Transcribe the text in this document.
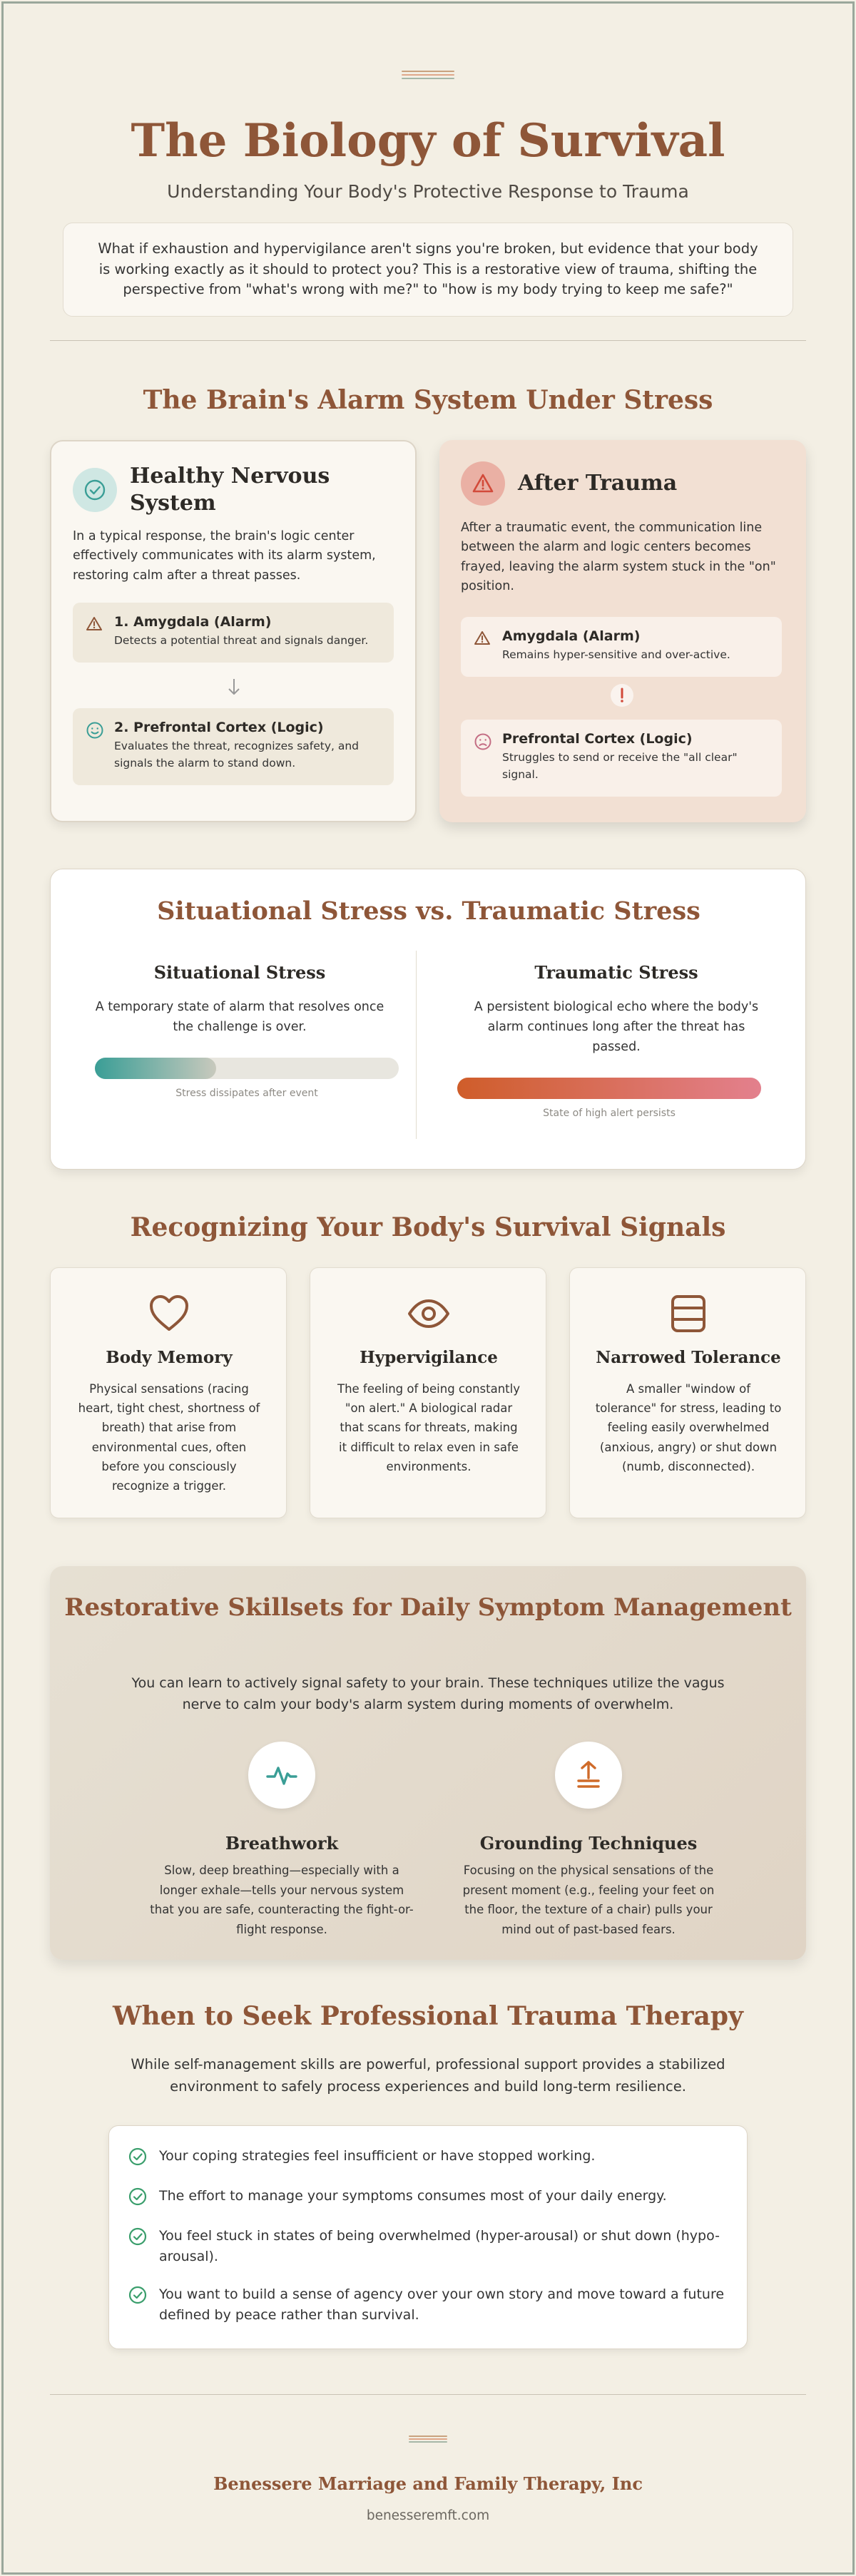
The Biology of Survival
Understanding Your Body's Protective Response to Trauma
What if exhaustion and hypervigilance aren't signs you're broken, but evidence that your body is working exactly as it should to protect you? This is a restorative view of trauma, shifting the perspective from "what's wrong with me?" to "how is my body trying to keep me safe?"
The Brain's Alarm System Under Stress
Healthy Nervous System
In a typical response, the brain's logic center effectively communicates with its alarm system, restoring calm after a threat passes.
1. Amygdala (Alarm)
Detects a potential threat and signals danger.
2. Prefrontal Cortex (Logic)
Evaluates the threat, recognizes safety, and signals the alarm to stand down.
After Trauma
After a traumatic event, the communication line between the alarm and logic centers becomes frayed, leaving the alarm system stuck in the "on" position.
Amygdala (Alarm)
Remains hyper-sensitive and over-active.
Prefrontal Cortex (Logic)
Struggles to send or receive the "all clear" signal.
Situational Stress vs. Traumatic Stress
Situational Stress
A temporary state of alarm that resolves once the challenge is over.
Stress dissipates after event
Traumatic Stress
A persistent biological echo where the body's alarm continues long after the threat has passed.
State of high alert persists
Recognizing Your Body's Survival Signals
Body Memory
Physical sensations (racing heart, tight chest, shortness of breath) that arise from environmental cues, often before you consciously recognize a trigger.
Hypervigilance
The feeling of being constantly "on alert." A biological radar that scans for threats, making it difficult to relax even in safe environments.
Narrowed Tolerance
A smaller "window of tolerance" for stress, leading to feeling easily overwhelmed (anxious, angry) or shut down (numb, disconnected).
Restorative Skillsets for Daily Symptom Management
You can learn to actively signal safety to your brain. These techniques utilize the vagus nerve to calm your body's alarm system during moments of overwhelm.
Breathwork
Slow, deep breathing—especially with a longer exhale—tells your nervous system that you are safe, counteracting the fight-or-flight response.
Grounding Techniques
Focusing on the physical sensations of the present moment (e.g., feeling your feet on the floor, the texture of a chair) pulls your mind out of past-based fears.
When to Seek Professional Trauma Therapy
While self-management skills are powerful, professional support provides a stabilized environment to safely process experiences and build long-term resilience.
Your coping strategies feel insufficient or have stopped working.
The effort to manage your symptoms consumes most of your daily energy.
You feel stuck in states of being overwhelmed (hyper-arousal) or shut down (hypo-arousal).
You want to build a sense of agency over your own story and move toward a future defined by peace rather than survival.
Benessere Marriage and Family Therapy, Inc
benesseremft.com
